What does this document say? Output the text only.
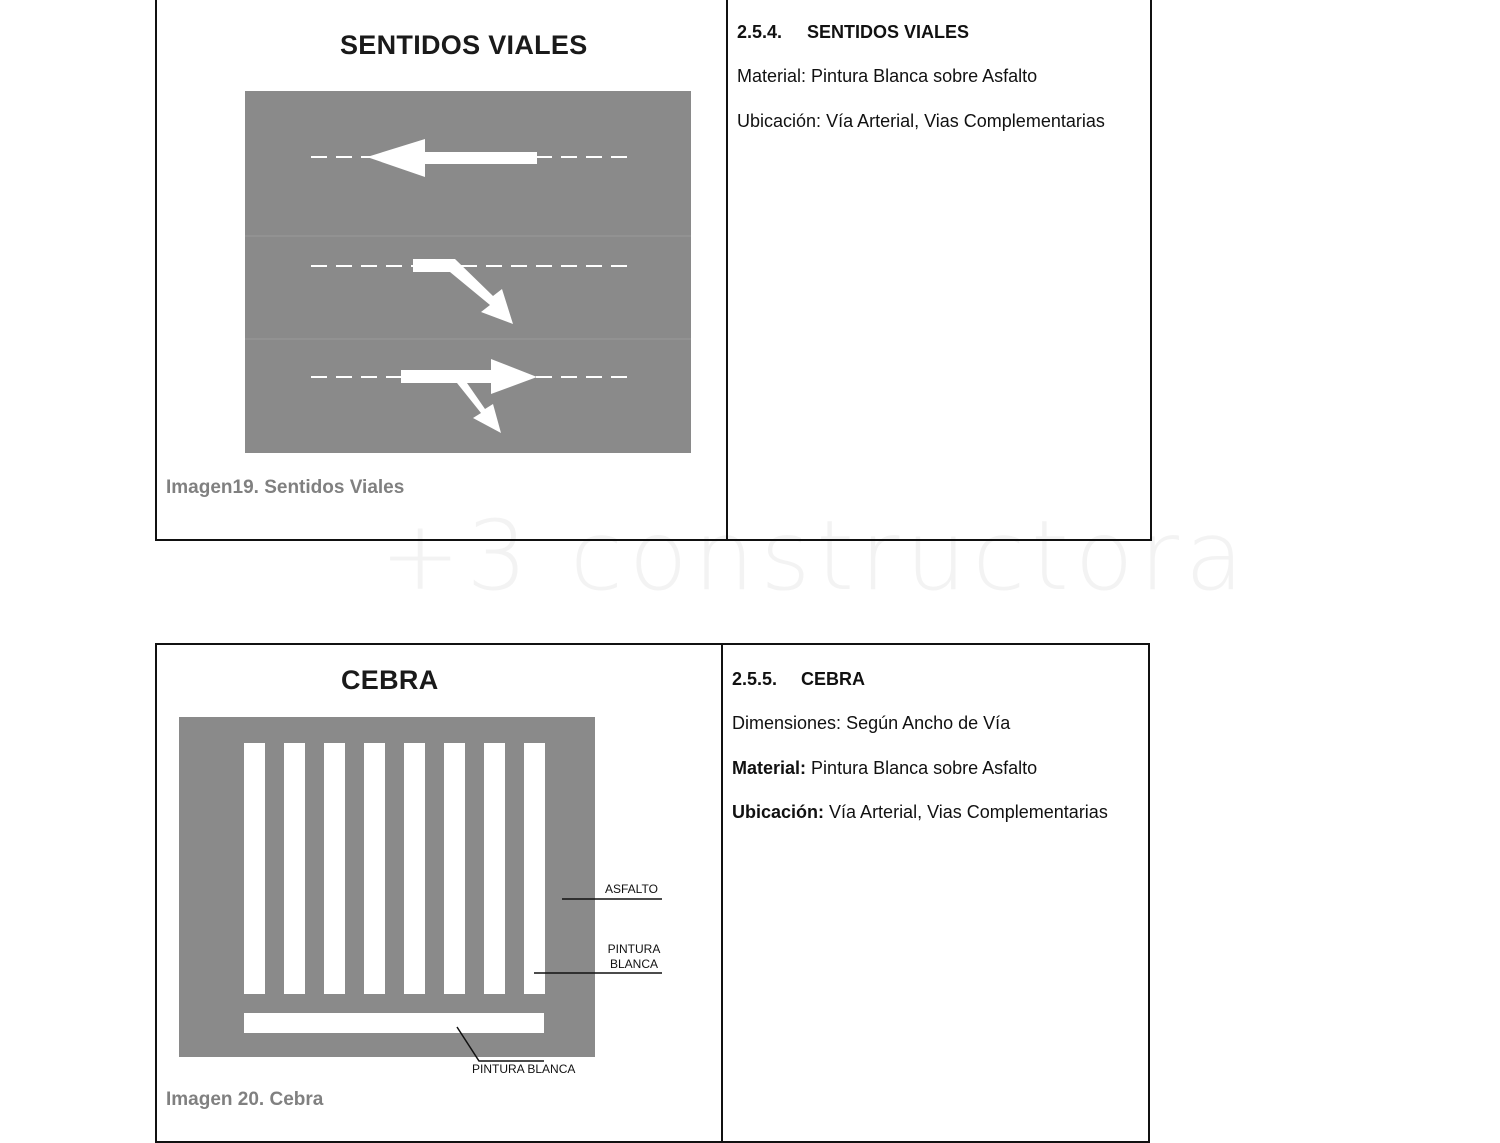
+3 constructora
SENTIDOS VIALES
Imagen19. Sentidos Viales
2.5.4. SENTIDOS VIALES
Material: Pintura Blanca sobre Asfalto
Ubicación: Vía Arterial, Vias Complementarias
CEBRA
ASFALTO
PINTURA
BLANCA
PINTURA BLANCA
Imagen 20. Cebra
2.5.5. CEBRA
Dimensiones: Según Ancho de Vía
Material: Pintura Blanca sobre Asfalto
Ubicación: Vía Arterial, Vias Complementarias
